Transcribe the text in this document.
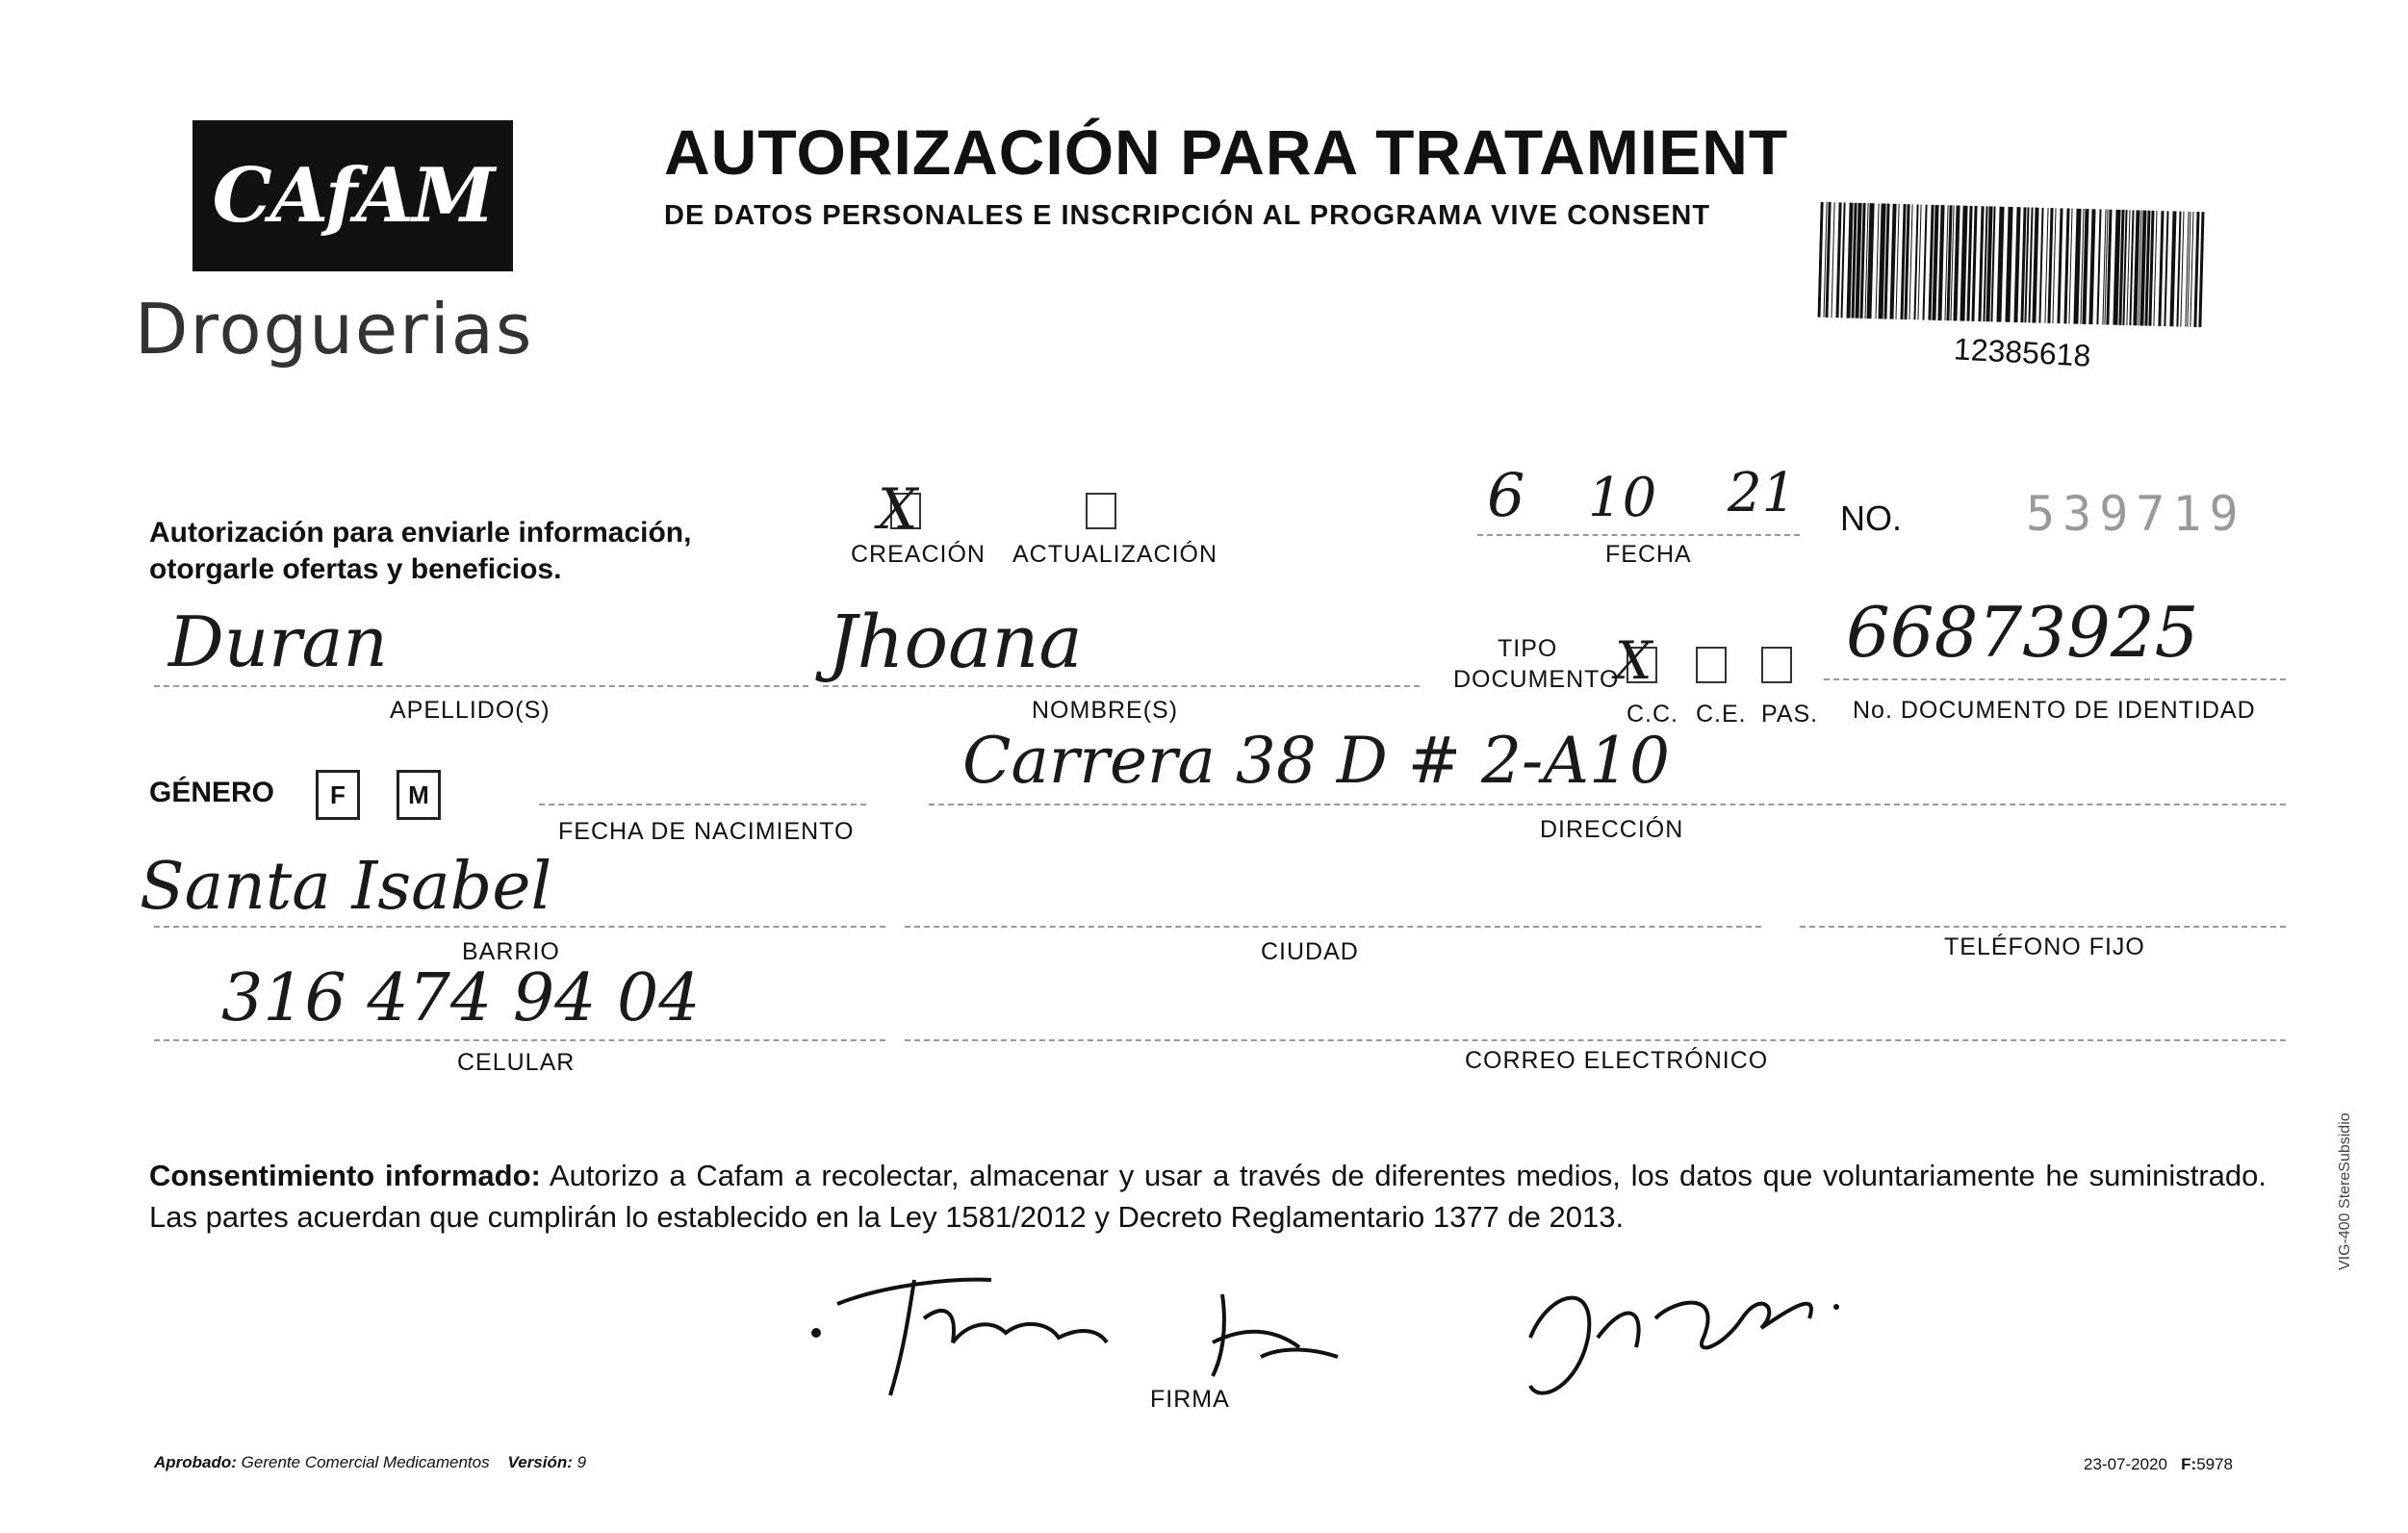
CAfAM
Droguerias
AUTORIZACIÓN PARA TRATAMIENT
DE DATOS PERSONALES E INSCRIPCIÓN AL PROGRAMA VIVE CONSENT
12385618
Autorización para enviarle información, otorgarle ofertas y beneficios.
X
CREACIÓN ACTUALIZACIÓN
6 10 21
FECHA
NO.	539719
Duran
APELLIDO(S)
Jhoana
NOMBRE(S)
TIPO
DOCUMENTO
X
C.C. C.E. PAS.
66873925
No. DOCUMENTO DE IDENTIDAD
GÉNERO	F	M
FECHA DE NACIMIENTO
Carrera 38 D # 2-A10
DIRECCIÓN
Santa Isabel
BARRIO	CIUDAD	TELÉFONO FIJO
316 474 94 04
CELULAR	CORREO ELECTRÓNICO
Consentimiento informado: Autorizo a Cafam a recolectar, almacenar y usar a través de diferentes medios, los datos que voluntariamente he suministrado. Las partes acuerdan que cumplirán lo establecido en la Ley 1581/2012 y Decreto Reglamentario 1377 de 2013.
FIRMA
Aprobado: Gerente Comercial Medicamentos Versión: 9	23-07-2020 F:5978
VIG-400 StereSubsidio
